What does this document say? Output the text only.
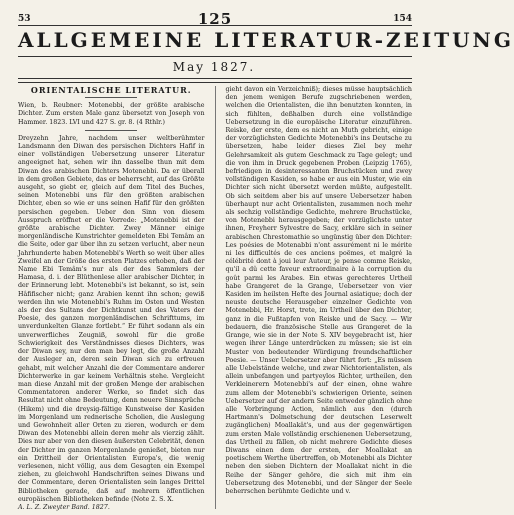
53	125	154
ALLGEMEINE LITERATUR-ZEITUNG
May 1827.
ORIENTALISCHE LITERATUR.

Wien, b. Reubner: Motenebbi, der größte arabische Dichter. Zum ersten Male ganz übersetzt von Joseph von Hammer. 1823. LVI und 427 S. gr. 8. (4 Rthlr.)

Dreyzehn Jahre, nachdem unser weltberühmter Landsmann den Diwan des persischen Dichters Hafif in einer vollständigen Uebersetzung unserer Literatur angeeignet hat, sehen wir ihn dasselbe thun mit dem Diwan des arabischen Dichters Motenebbi. Da er überall in dem großen Gebiete, das er beherrscht, auf das Größte ausgeht, so giebt er, gleich auf dem Titel des Buches, seinen Motenebbi uns für den größten arabischen Dichter, eben so wie er uns seinen Hafif für den größten persischen gegeben. Ueber den Sinn von diesem Ausspruch eröffnet er die Vorrede: „Motenebbi ist der größte arabische Dichter. Zwey Männer einige morgenländische Kunstrichter gemeldeten Ebi Temâm an die Seite, oder gar über ihn zu setzen verlucht, aber neun Jahrhunderte haben Motenebbi's Werth so weit über alles Zweifel an der Größe des ersten Platzes erhoben, daß der Name Ebi Temâm's nur als der des Sammlers der Hamasa, d. i. der Blüthenlese aller arabischer Dichter, in der Erinnerung lebt. Motenebbi's ist bekannt, so ist, sein Hâfifischer nicht; ganz Arabien kennt ihn schon; gewiß werden ihn wie Motenebbi's Ruhm im Osten und Westen als der des Sultans der Dichtkunst und des Vaters der Poesie, des ganzen morgenländischen Schrifttums, im unverdunkelten Glanze fortlebt.“ Er führt sodann als ein unverwerfliches Zeugniß, sowohl für die große Schwierigkeit des Verständnisses dieses Dichters, was der Diwan sey, nur den man bey legt, die große Anzahl der Ausleger an, deren sein Diwan sich zu erfreuen gehabt, mit welcher Anzahl die der Commentare anderer Dichterwerke in gar keinem Verhältnis stehe. Vergleicht man diese Anzahl mit der großen Menge der arabischen Commentatoren anderer Werke, so findet sich das Resultat nicht ohne Bedeutung, denn neuere Sinnsprüche (Hikem) und die dreysig-fältige Kunstweise der Kasiden im Morgenland um rednerische Scholien, die Auslegung und Gewohnheit aller Orten zu zieren, wodurch er dem Diwan des Motenebbi allein deren mehr als vierzig zählt. Dies nur aber von den diesen äußersten Celebrität, denen der Dichter im ganzen Morgenlande genießet, bieten nur ein Drittheil der Orientalisten Europa's, die wenig verlesenen, nicht völlig, aus dem Gesagten ein Exempel ziehen, zu gleichwohl Handschriften seines Diwans und der Commentare, deren Orientalisten sein langes Drittel Bibliotheken gerade, daß auf mehrern öffentlichen europäischen Bibliotheken befinde (Note 2. S. X.

gieht davon ein Verzeichniß); dieses müsse hauptsächlich den jenem wenigen Berufe zugschriebenen werden, welchen die Orientalisten, die ihn benutzten konnten, in sich fühlten, deßhalben durch eine vollständige Uebersetzung in die europäische Literatur einzuführen. Reiske, der erste, dem es nicht an Muth gebricht, einige der vorzüglichsten Gedichte Motenebbi's ins Deutsche zu übersetzen, habe leider dieses Ziel bey mehr Gelehrsamkeit als gutem Geschmack zu Tage gelegt; und die von ihm in Druck gegebenen Proben (Leipzig 1765), befriedigen in desinteressanten Bruchstücken und zwey vollständigen Kasiden, so habe er aus ein Muster, wie ein Dichter sich nicht übersetzt werden müßte, aufgestellt. Ob sich seitdem aber bis auf unsere Uebersetzer haben überhaupt nur acht Orientalisten, zusammen noch mehr als sechzig vollständige Gedichte, mehrere Bruchstücke, von Motenebbi herausgegeben; der vorzüglichste unter ihnen, Freyherr Sylvestre de Sacy, erkläre sich in seiner arabischen Chrestomathie so ungünstig über den Dichter: Les poésies de Motenabbi n'ont assurément ni le mérite ni les difficultés de ces anciens poëmes, et malgré la célébrité dont à joui leur Auteur, je pense comme Reiske, qu'il a dû cette faveur extraordinaire à la corruption du goût parmi les Arabes. Ein etwas gerechteres Urtheil habe Grangeret de la Grange, Uebersetzer von vier Kasiden im heilsten Hefte des Journal asiatique; doch der neuste deutsche Herausgeber einzelner Gedichte von Motenebbi, Hr. Horst, trete, im Urtheil über den Dichter, ganz in die Fußtapfen von Reiske und de Sacy. — Wir bedauern, die französische Stelle aus Grangeret de la Grange, wie sie in der Note S. XIV beygebracht ist, hier wegen ihrer Länge unterdrücken zu müssen; sie ist ein Muster von bedeutender Würdigung freundschaftlicher Poesie. — Unser Uebersetzer aber führt fort: „Es müssen alle Uebelstände welche, und zwar Nichtorientalisten, als allein unbefangen und partyeylos Richter, urtheilen, den Verkleinerern Motenebbi's auf der einen, ohne wahre zum allem der Motenebbi's schwierigen Oriente, seinen Uebersetzer auf der andern Seite entweder gänzlich ohne alle Vorbringung Action, nämlich aus den (durch Hartmann's Dolmetschung der deutschen Leserwelt zugänglichen) Moallakât's, und aus der gegenwärtigen zum ersten Male vollständig erschienenen Uebersetzung, das Urtheil zu fällen, ob nicht mehrere Gedichte dieses Diwans einen dem der ersten, der Moallakat an poetischem Werthe übertreffen, ob Motenebbi als Dichter neben den sieben Dichtern der Moallakat nicht in die Reihe der Sänger gehöre, die sich mit ihm ein Uebersetzung des Motenebbi, und der Sänger der Seele beherrschen berühmte Gedichte und v.

A. L. Z. Zweyter Band. 1827.
